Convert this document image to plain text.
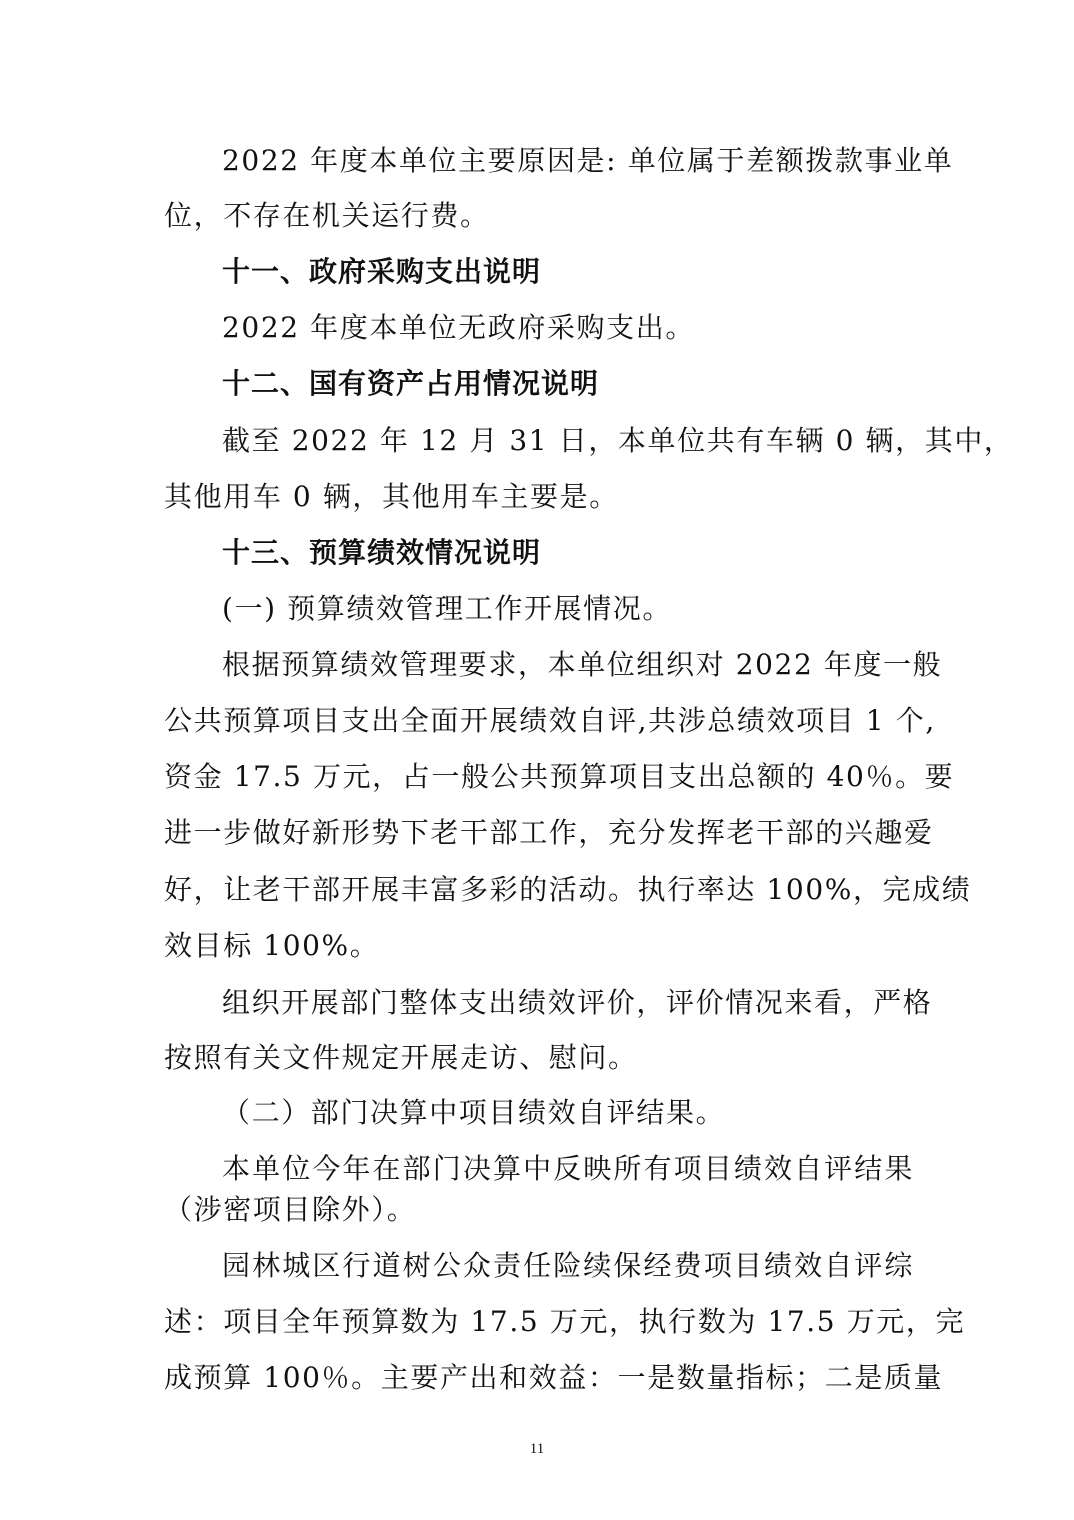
2022 年度本单位主要原因是: 单位属于差额拨款事业单
位，不存在机关运行费。
十一、政府采购支出说明
2022 年度本单位无政府采购支出。
十二、国有资产占用情况说明
截至 2022 年 12 月 31 日，本单位共有车辆 0 辆，其中，
其他用车 0 辆，其他用车主要是。
十三、预算绩效情况说明
(一) 预算绩效管理工作开展情况。
根据预算绩效管理要求，本单位组织对 2022 年度一般
公共预算项目支出全面开展绩效自评,共涉总绩效项目 1 个,
资金 17.5 万元，占一般公共预算项目支出总额的 40％。要
进一步做好新形势下老干部工作，充分发挥老干部的兴趣爱
好，让老干部开展丰富多彩的活动。执行率达 100%，完成绩
效目标 100%。
组织开展部门整体支出绩效评价，评价情况来看，严格
按照有关文件规定开展走访、慰问。
（二）部门决算中项目绩效自评结果。
本单位今年在部门决算中反映所有项目绩效自评结果
（涉密项目除外）。
园林城区行道树公众责任险续保经费项目绩效自评综
述：项目全年预算数为 17.5 万元，执行数为 17.5 万元，完
成预算 100％。主要产出和效益：一是数量指标；二是质量
11
